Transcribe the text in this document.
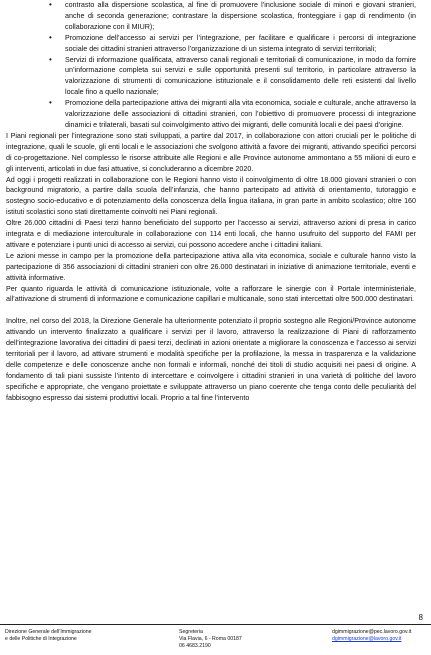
• contrasto alla dispersione scolastica, al fine di promuovere l’inclusione sociale di minori e giovani stranieri, anche di seconda generazione; contrastare la dispersione scolastica, fronteggiare i gap di rendimento (in collaborazione con il MIUR);
• Promozione dell’accesso ai servizi per l’integrazione, per facilitare e qualificare i percorsi di integrazione sociale dei cittadini stranieri attraverso l’organizzazione di un sistema integrato di servizi territoriali;
• Servizi di informazione qualificata, attraverso canali regionali e territoriali di comunicazione, in modo da fornire un’informazione completa sui servizi e sulle opportunità presenti sul territorio, in particolare attraverso la valorizzazione di strumenti di comunicazione istituzionale e il consolidamento delle reti esistenti dal livello locale fino a quello nazionale;
• Promozione della partecipazione attiva dei migranti alla vita economica, sociale e culturale, anche attraverso la valorizzazione delle associazioni di cittadini stranieri, con l’obiettivo di promuovere processi di integrazione dinamici e trilaterali, basati sul coinvolgimento attivo dei migranti, delle comunità locali e dei paesi d’origine.

I Piani regionali per l’integrazione sono stati sviluppati, a partire dal 2017, in collaborazione con attori cruciali per le politiche di integrazione, quali le scuole, gli enti locali e le associazioni che svolgono attività a favore dei migranti, attivando specifici percorsi di co-progettazione. Nel complesso le risorse attribuite alle Regioni e alle Province autonome ammontano a 55 milioni di euro e gli interventi, articolati in due fasi attuative, si concluderanno a dicembre 2020.

Ad oggi i progetti realizzati in collaborazione con le Regioni hanno visto il coinvolgimento di oltre 18.000 giovani stranieri o con background migratorio, a partire dalla scuola dell’infanzia, che hanno partecipato ad attività di orientamento, tutoraggio e sostegno socio-educativo e di potenziamento della conoscenza della lingua italiana, in gran parte in ambito scolastico; oltre 160 istituti scolastici sono stati direttamente coinvolti nei Piani regionali.

Oltre 26.000 cittadini di Paesi terzi hanno beneficiato del supporto per l’accesso ai servizi, attraverso azioni di presa in carico integrata e di mediazione interculturale in collaborazione con 114 enti locali, che hanno usufruito del supporto del FAMI per attivare e potenziare i punti unici di accesso ai servizi, cui possono accedere anche i cittadini italiani.

Le azioni messe in campo per la promozione della partecipazione attiva alla vita economica, sociale e culturale hanno visto la partecipazione di 356 associazioni di cittadini stranieri con oltre 26.000 destinatari in iniziative di animazione territoriale, eventi e attività informative.

Per quanto riguarda le attività di comunicazione istituzionale, volte a rafforzare le sinergie con il Portale interministeriale, all’attivazione di strumenti di informazione e comunicazione capillari e multicanale, sono stati intercettati oltre 500.000 destinatari.

Inoltre, nel corso del 2018, la Direzione Generale ha ulteriormente potenziato il proprio sostegno alle Regioni/Province autonome attivando un intervento finalizzato a qualificare i servizi per il lavoro, attraverso la realizzazione di Piani di rafforzamento dell’integrazione lavorativa dei cittadini di paesi terzi, declinati in azioni orientate a migliorare la conoscenza e l’accesso ai servizi territoriali per il lavoro, ad attivare strumenti e modalità specifiche per la profilazione, la messa in trasparenza e la validazione delle competenze e delle conoscenze anche non formali e informali, nonché dei titoli di studio acquisiti nei paesi di origine. A fondamento di tali piani sussiste l’intento di intercettare e coinvolgere i cittadini stranieri in una varietà di politiche del lavoro specifiche e appropriate, che vengano proiettate e sviluppate attraverso un piano coerente che tenga conto delle peculiarità del fabbisogno espresso dai sistemi produttivi locali. Proprio a tal fine l’intervento

8
Direzione Generale dell’Immigrazione
e delle Politiche di Integrazione
Segreteria
Via Flavia, 6 - Roma 00187
06 4683.2190
dgimmigrazione@pec.lavoro.gov.it
dgimmigrazione@lavoro.gov.it
